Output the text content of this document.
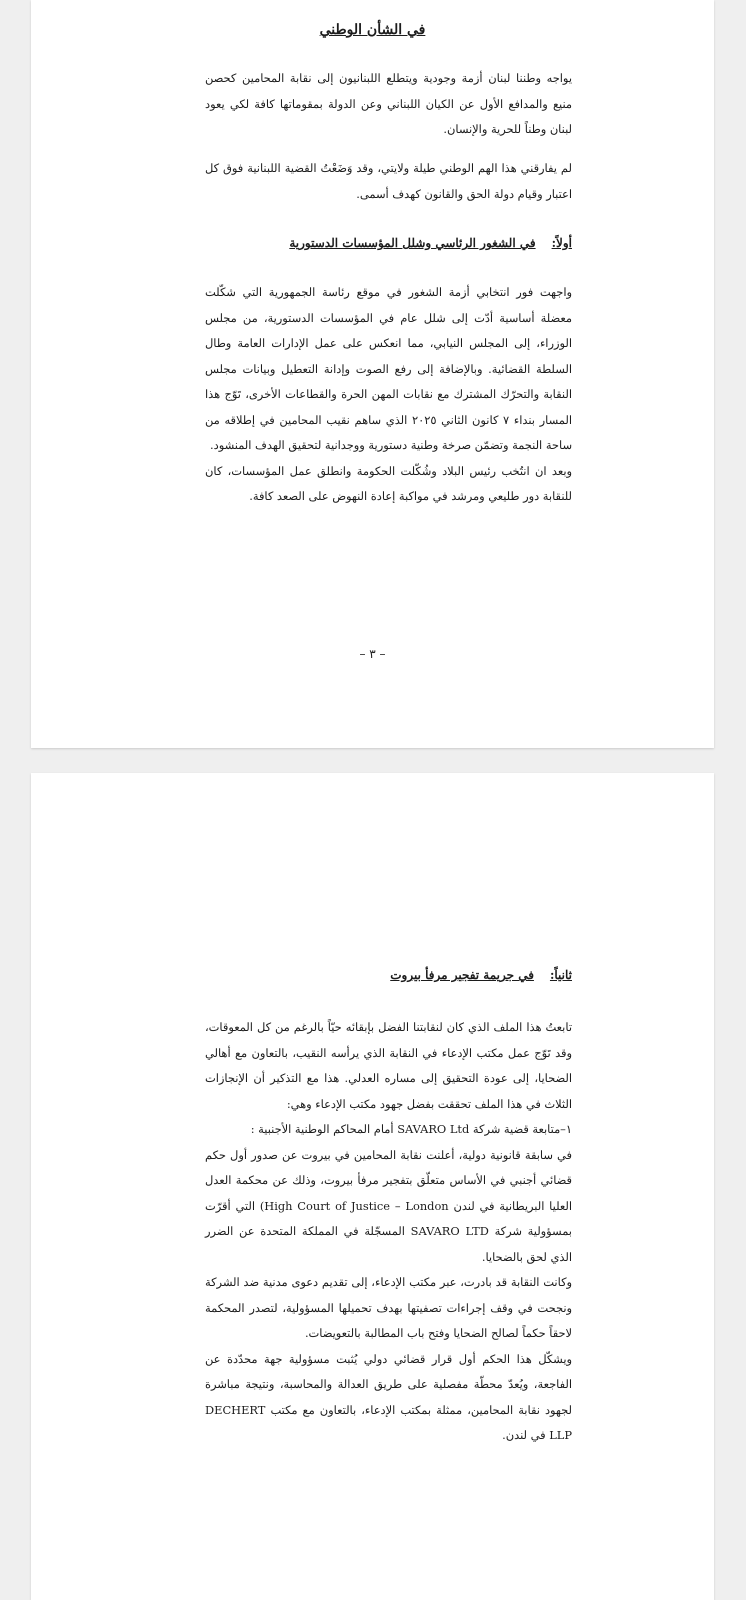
في الشأن الوطني

يواجه وطننا لبنان أزمة وجودية ويتطلع اللبنانيون إلى نقابة المحامين كحصن منيع والمدافع الأول عن الكيان اللبناني وعن الدولة بمقوماتها كافة لكي يعود لبنان وطناً للحرية والإنسان.

لم يفارقني هذا الهم الوطني طيلة ولايتي، وقد وَضَعْتُ القضية اللبنانية فوق كل اعتبار وقيام دولة الحق والقانون كهدف أسمى.

أولاً:في الشغور الرئاسي وشلل المؤسسات الدستورية

واجهت فور انتخابي أزمة الشغور في موقع رئاسة الجمهورية التي شكّلت معضلة أساسية أدّت إلى شلل عام في المؤسسات الدستورية، من مجلس الوزراء، إلى المجلس النيابي، مما انعكس على عمل الإدارات العامة وطال السلطة القضائية. وبالإضافة إلى رفع الصوت وإدانة التعطيل وبيانات مجلس النقابة والتحرّك المشترك مع نقابات المهن الحرة والقطاعات الأخرى، تَوّج هذا المسار بنداء ٧ كانون الثاني ٢٠٢٥ الذي ساهم نقيب المحامين في إطلاقه من ساحة النجمة وتضمّن صرخة وطنية دستورية ووجدانية لتحقيق الهدف المنشود.

وبعد ان انتُخب رئيس البلاد وشُكّلت الحكومة وانطلق عمل المؤسسات، كان للنقابة دور طليعي ومرشد في مواكبة إعادة النهوض على الصعد كافة.

– ٣ –
ثانياً:في جريمة تفجير مرفأ بيروت

تابعتُ هذا الملف الذي كان لنقابتنا الفضل بإبقائه حيّاً بالرغم من كل المعوقات، وقد تَوّج عمل مكتب الإدعاء في النقابة الذي يرأسه النقيب، بالتعاون مع أهالي الضحايا، إلى عودة التحقيق إلى مساره العدلي. هذا مع التذكير أن الإنجازات الثلاث في هذا الملف تحققت بفضل جهود مكتب الإدعاء وهي:

١–متابعة قضية شركة SAVARO Ltd أمام المحاكم الوطنية الأجنبية :

في سابقة قانونية دولية، أعلنت نقابة المحامين في بيروت عن صدور أول حكم قضائي أجنبي في الأساس متعلّق بتفجير مرفأ بيروت، وذلك عن محكمة العدل العليا البريطانية في لندن High Court of Justice – London) التي أقرّت بمسؤولية شركة SAVARO LTD المسجّلة في المملكة المتحدة عن الضرر الذي لحق بالضحايا.

وكانت النقابة قد بادرت، عبر مكتب الإدعاء، إلى تقديم دعوى مدنية ضد الشركة ونجحت في وقف إجراءات تصفيتها بهدف تحميلها المسؤولية، لتصدر المحكمة لاحقاً حكماً لصالح الضحايا وفتح باب المطالبة بالتعويضات.

ويشكّل هذا الحكم أول قرار قضائي دولي يُثبت مسؤولية جهة محدّدة عن الفاجعة، ويُعدّ محطّة مفصلية على طريق العدالة والمحاسبة، ونتيجة مباشرة لجهود نقابة المحامين، ممثلة بمكتب الإدعاء، بالتعاون مع مكتب DECHERT LLP في لندن.
